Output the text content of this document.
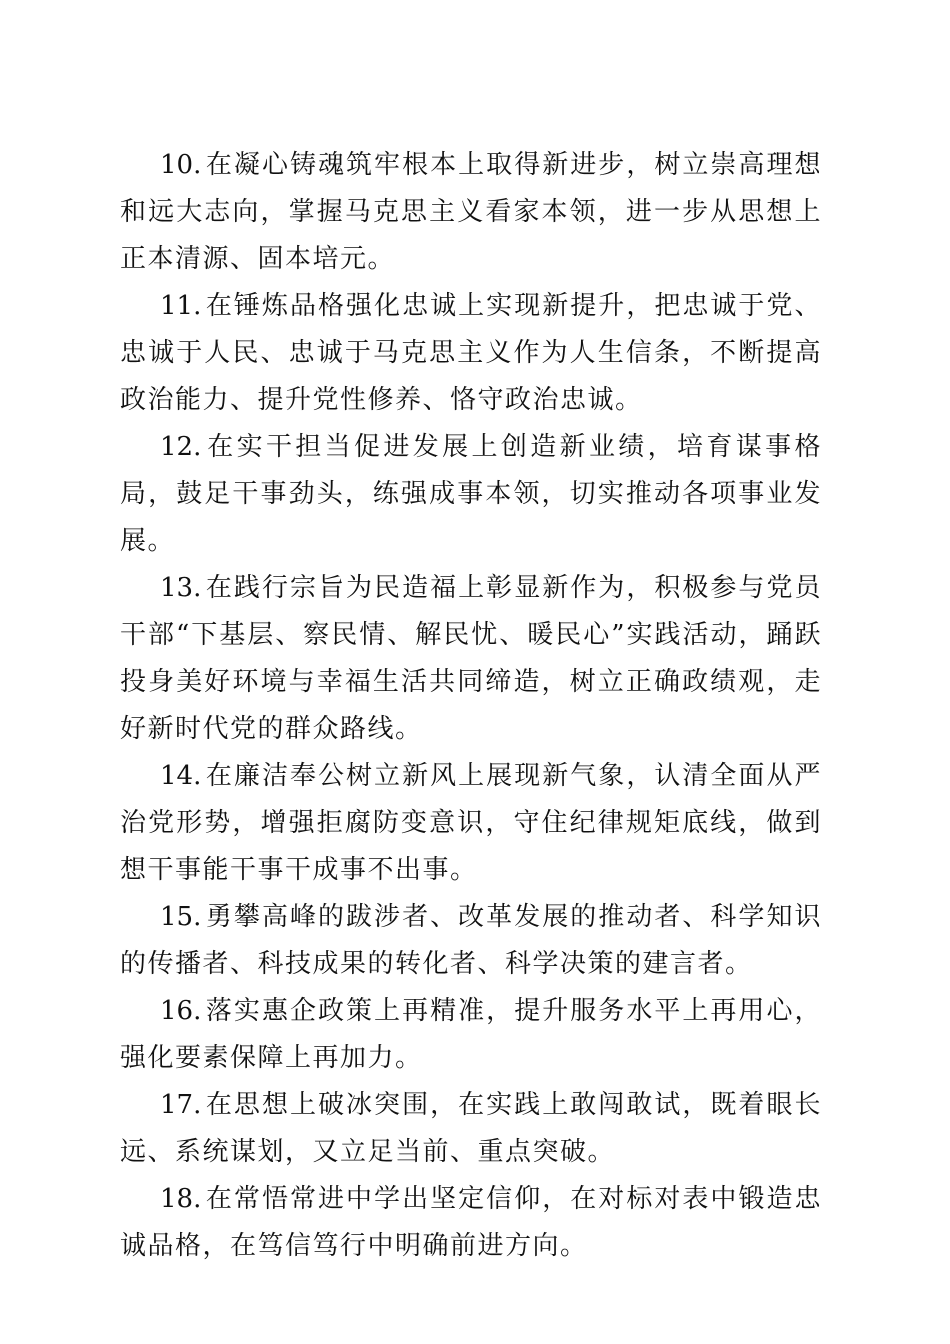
10. 在凝心铸魂筑牢根本上取得新进步，树立崇高理想和远大志向，掌握马克思主义看家本领，进一步从思想上正本清源、固本培元。

11. 在锤炼品格强化忠诚上实现新提升，把忠诚于党、忠诚于人民、忠诚于马克思主义作为人生信条，不断提高政治能力、提升党性修养、恪守政治忠诚。

12. 在实干担当促进发展上创造新业绩，培育谋事格局，鼓足干事劲头，练强成事本领，切实推动各项事业发展。

13. 在践行宗旨为民造福上彰显新作为，积极参与党员干部“下基层、察民情、解民忧、暖民心”实践活动，踊跃投身美好环境与幸福生活共同缔造，树立正确政绩观，走好新时代党的群众路线。

14. 在廉洁奉公树立新风上展现新气象，认清全面从严治党形势，增强拒腐防变意识，守住纪律规矩底线，做到想干事能干事干成事不出事。

15. 勇攀高峰的跋涉者、改革发展的推动者、科学知识的传播者、科技成果的转化者、科学决策的建言者。

16. 落实惠企政策上再精准，提升服务水平上再用心，强化要素保障上再加力。

17. 在思想上破冰突围，在实践上敢闯敢试，既着眼长远、系统谋划，又立足当前、重点突破。

18. 在常悟常进中学出坚定信仰，在对标对表中锻造忠诚品格，在笃信笃行中明确前进方向。
